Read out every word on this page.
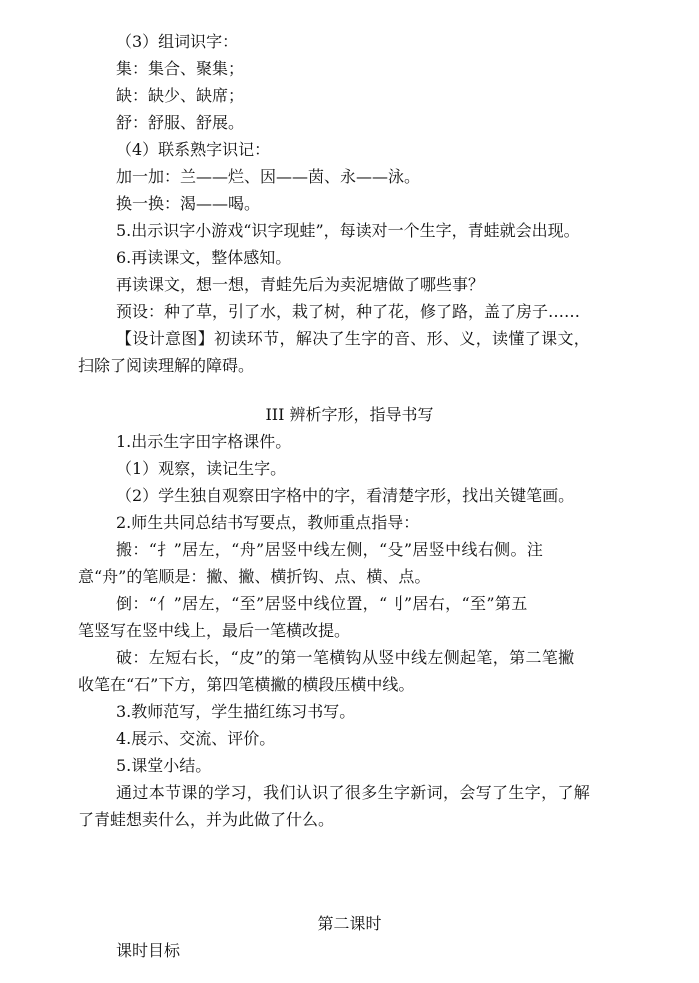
（3）组词识字：
集：集合、聚集；
缺：缺少、缺席；
舒：舒服、舒展。
（4）联系熟字识记：
加一加：兰——烂、因——茵、永——泳。
换一换：渴——喝。
5.出示识字小游戏“识字现蛙”，每读对一个生字，青蛙就会出现。
6.再读课文，整体感知。
再读课文，想一想，青蛙先后为卖泥塘做了哪些事？
预设：种了草，引了水，栽了树，种了花，修了路，盖了房子……
【设计意图】初读环节，解决了生字的音、形、义，读懂了课文，
扫除了阅读理解的障碍。
III 辨析字形，指导书写
1.出示生字田字格课件。
（1）观察，读记生字。
（2）学生独自观察田字格中的字，看清楚字形，找出关键笔画。
2.师生共同总结书写要点，教师重点指导：
搬：“扌”居左，“舟”居竖中线左侧，“殳”居竖中线右侧。注
意“舟”的笔顺是：撇、撇、横折钩、点、横、点。
倒：“亻”居左，“至”居竖中线位置，“刂”居右，“至”第五
笔竖写在竖中线上，最后一笔横改提。
破：左短右长，“皮”的第一笔横钩从竖中线左侧起笔，第二笔撇
收笔在“石”下方，第四笔横撇的横段压横中线。
3.教师范写，学生描红练习书写。
4.展示、交流、评价。
5.课堂小结。
通过本节课的学习，我们认识了很多生字新词，会写了生字，了解
了青蛙想卖什么，并为此做了什么。
第二课时
课时目标
